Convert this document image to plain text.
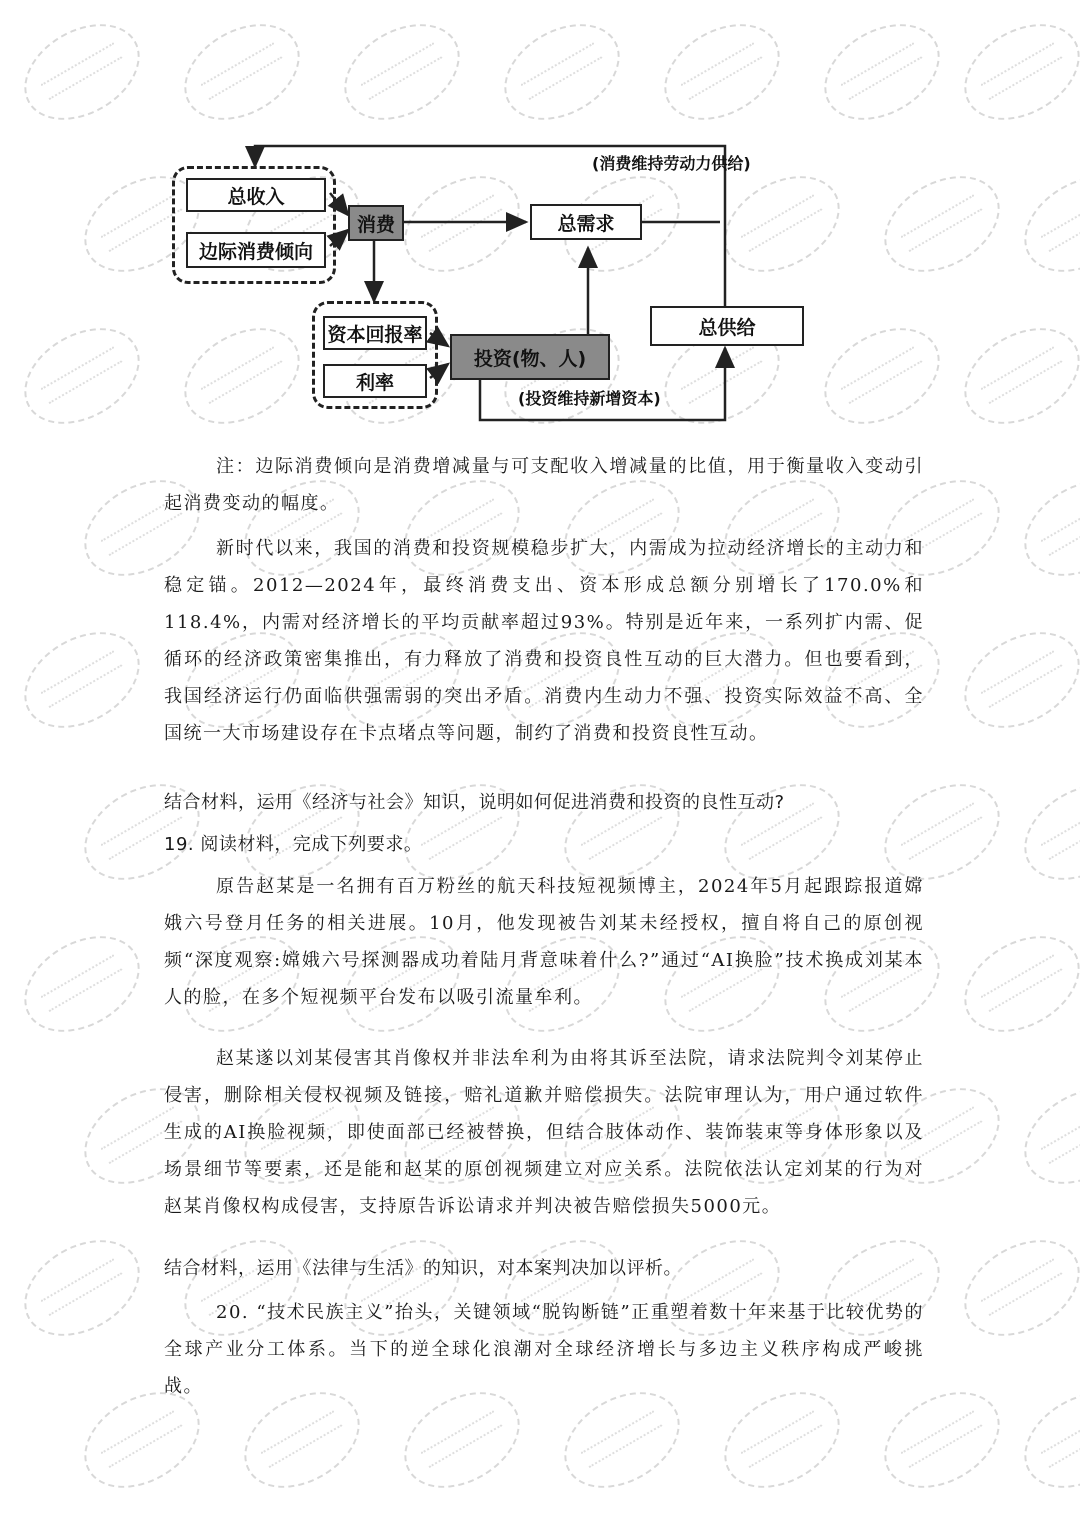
(消费维持劳动力供给)
总收入
边际消费倾向
消费	总需求
总供给
资本回报率
利率
投资(物、人)
(投资维持新增资本)
注：边际消费倾向是消费增减量与可支配收入增减量的比值，用于衡量收入变动引起消费变动的幅度。
新时代以来，我国的消费和投资规模稳步扩大，内需成为拉动经济增长的主动力和稳定锚。2012—2024年，最终消费支出、资本形成总额分别增长了170.0%和118.4%，内需对经济增长的平均贡献率超过93%。特别是近年来，一系列扩内需、促循环的经济政策密集推出，有力释放了消费和投资良性互动的巨大潜力。但也要看到，我国经济运行仍面临供强需弱的突出矛盾。消费内生动力不强、投资实际效益不高、全国统一大市场建设存在卡点堵点等问题，制约了消费和投资良性互动。
结合材料，运用《经济与社会》知识，说明如何促进消费和投资的良性互动?
19. 阅读材料，完成下列要求。
原告赵某是一名拥有百万粉丝的航天科技短视频博主，2024年5月起跟踪报道嫦娥六号登月任务的相关进展。10月，他发现被告刘某未经授权，擅自将自己的原创视频“深度观察:嫦娥六号探测器成功着陆月背意味着什么?”通过“AI换脸”技术换成刘某本人的脸，在多个短视频平台发布以吸引流量牟利。
赵某遂以刘某侵害其肖像权并非法牟利为由将其诉至法院，请求法院判令刘某停止侵害，删除相关侵权视频及链接，赔礼道歉并赔偿损失。法院审理认为，用户通过软件生成的AI换脸视频，即使面部已经被替换，但结合肢体动作、装饰装束等身体形象以及场景细节等要素，还是能和赵某的原创视频建立对应关系。法院依法认定刘某的行为对赵某肖像权构成侵害，支持原告诉讼请求并判决被告赔偿损失5000元。
结合材料，运用《法律与生活》的知识，对本案判决加以评析。
20. “技术民族主义”抬头，关键领域“脱钩断链”正重塑着数十年来基于比较优势的全球产业分工体系。当下的逆全球化浪潮对全球经济增长与多边主义秩序构成严峻挑战。
